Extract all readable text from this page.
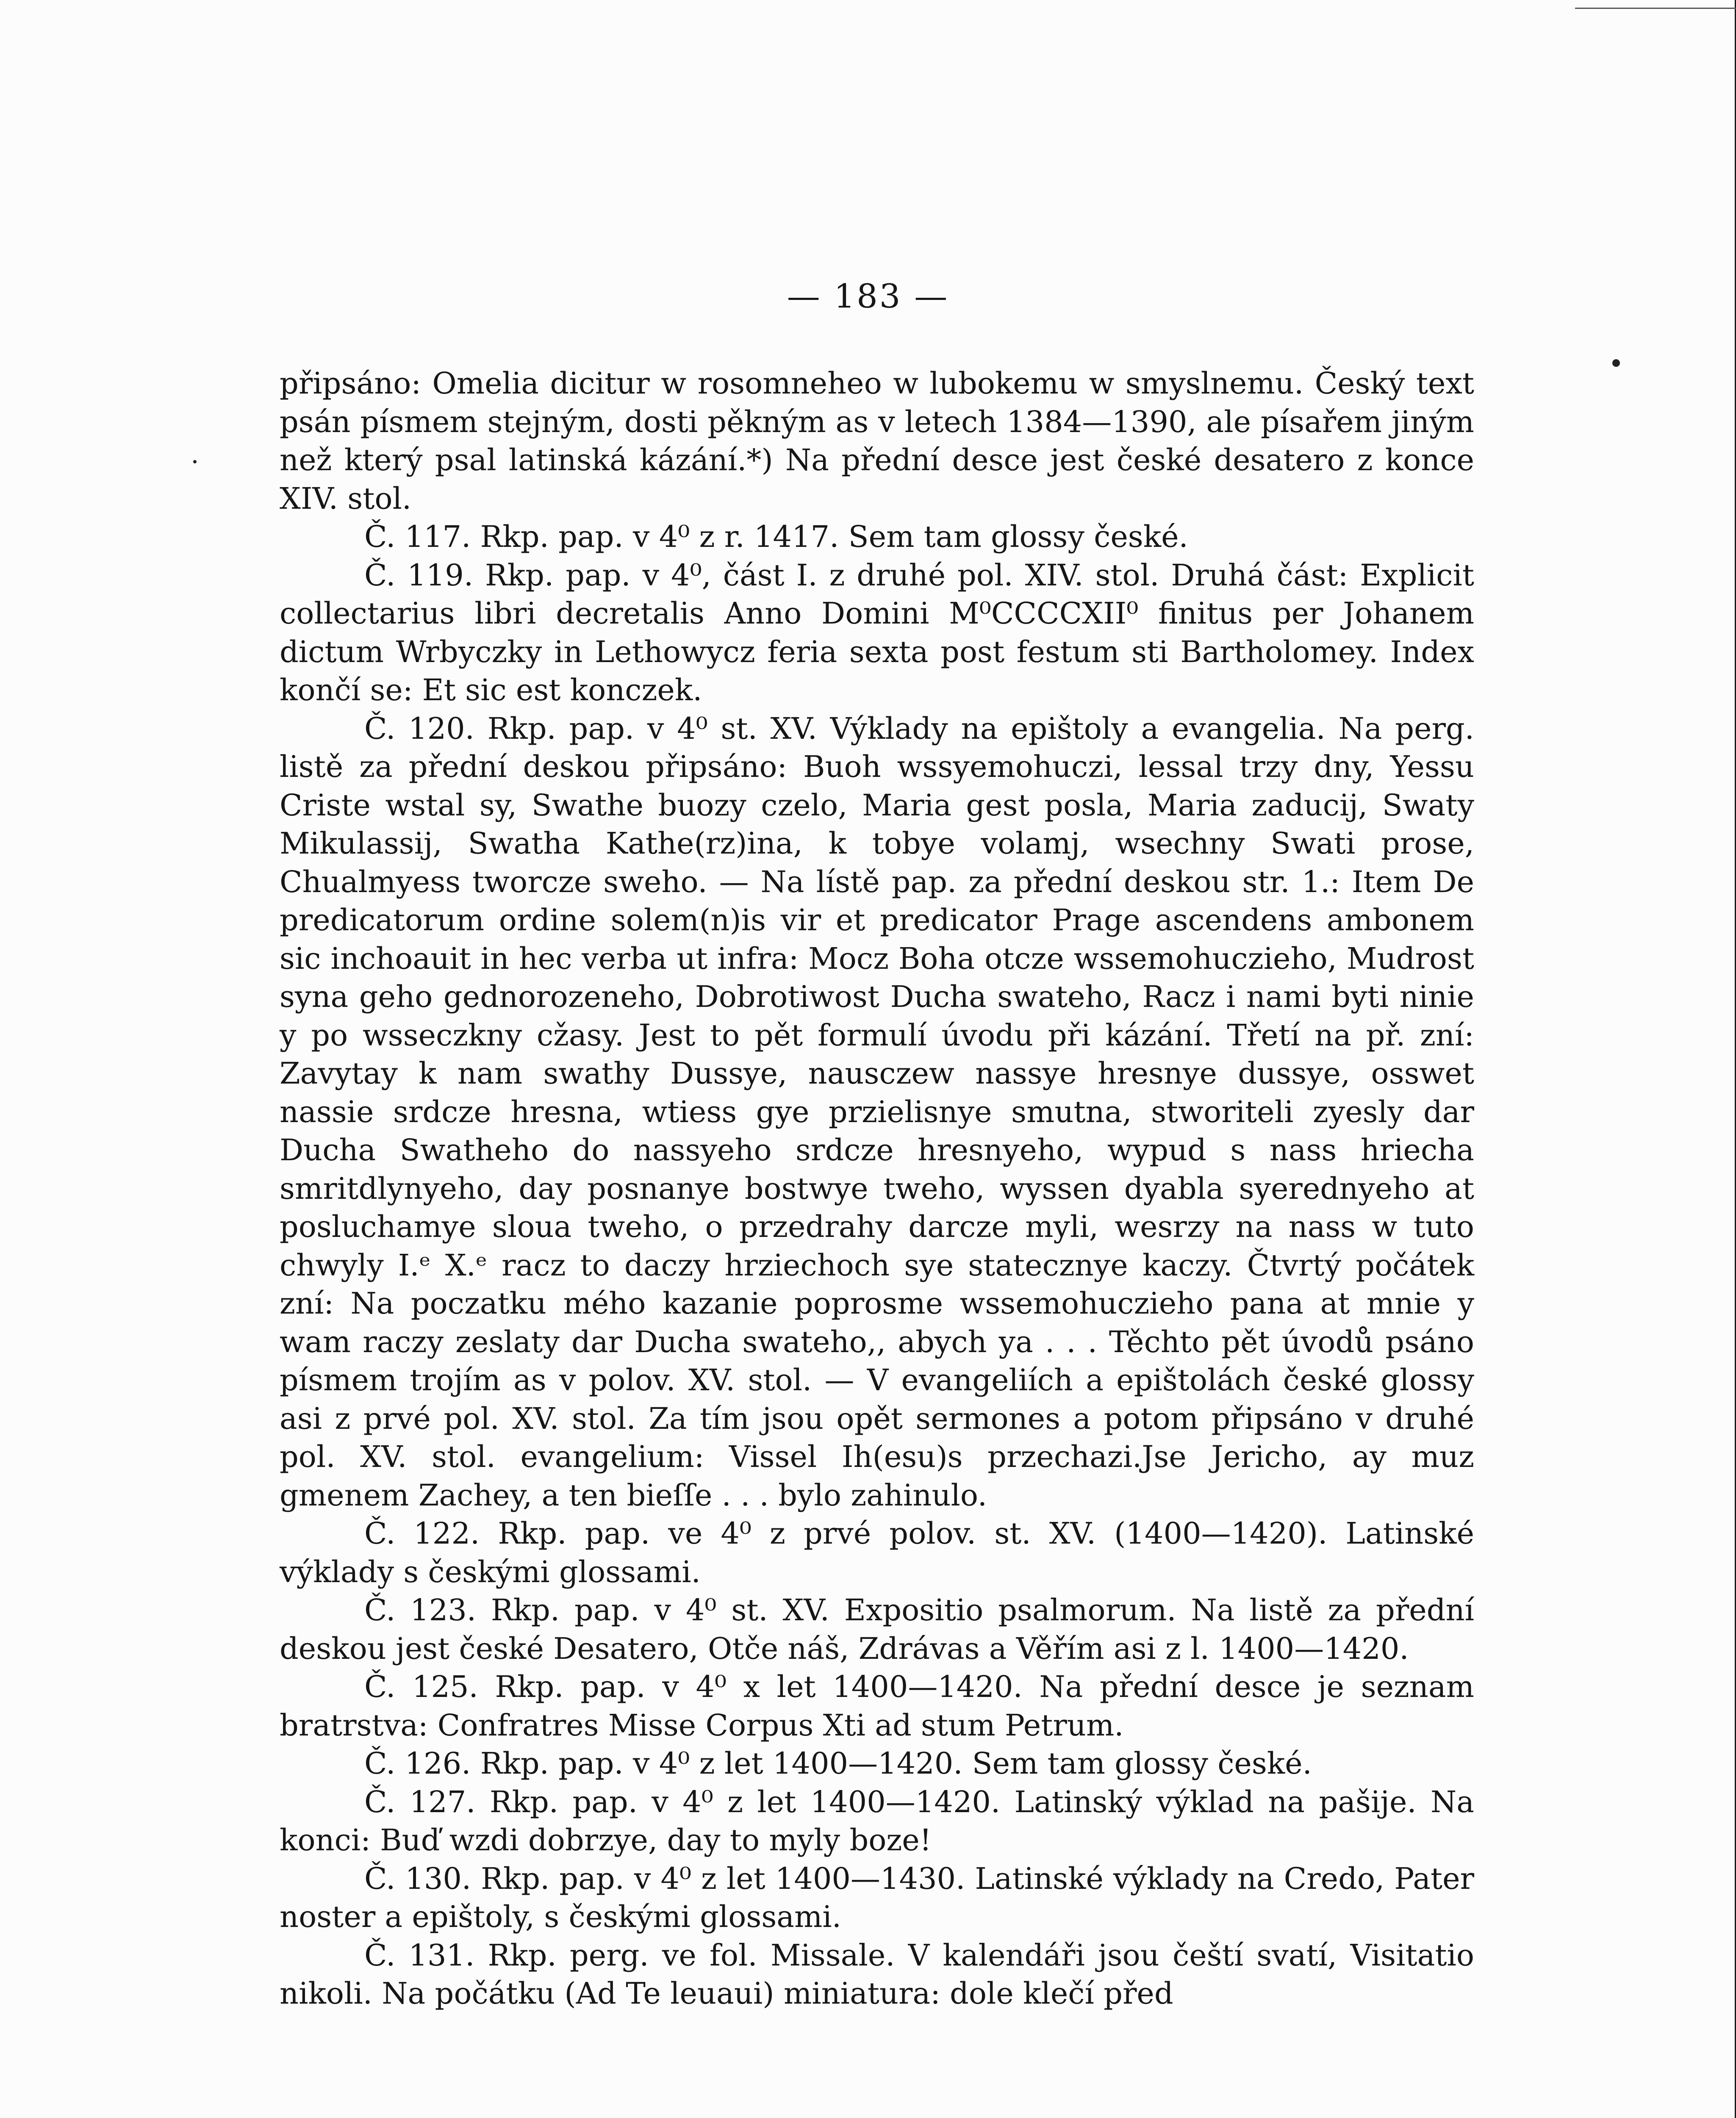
— 183 —

připsáno: Omelia dicitur w rosomneheo w lubokemu w smyslnemu. Český text psán písmem stejným, dosti pěkným as v letech 1384—1390, ale písařem jiným než který psal latinská kázání.*) Na přední desce jest české desatero z konce XIV. stol.

Č. 117. Rkp. pap. v 4⁰ z r. 1417. Sem tam glossy české.

Č. 119. Rkp. pap. v 4⁰, část I. z druhé pol. XIV. stol. Druhá část: Explicit collectarius libri decretalis Anno Domini M⁰CCCCXII⁰ finitus per Johanem dictum Wrbyczky in Lethowycz feria sexta post festum sti Bartholomey. Index končí se: Et sic est konczek.

Č. 120. Rkp. pap. v 4⁰ st. XV. Výklady na epištoly a evangelia. Na perg. listě za přední deskou připsáno: Buoh wssyemohuczi, lessal trzy dny, Yessu Criste wstal sy, Swathe buozy czelo, Maria gest posla, Maria zaducij, Swaty Mikulassij, Swatha Kathe(rz)ina, k tobye volamj, wsechny Swati prose, Chualmyess tworcze sweho. — Na lístě pap. za přední deskou str. 1.: Item De predicatorum ordine solem(n)is vir et predicator Prage ascendens ambonem sic inchoauit in hec verba ut infra: Mocz Boha otcze wssemohuczieho, Mudrost syna geho gednorozeneho, Dobrotiwost Ducha swateho, Racz i nami byti ninie y po wsseczkny cžasy. Jest to pět formulí úvodu při kázání. Třetí na př. zní: Zavytay k nam swathy Dussye, nausczew nassye hresnye dussye, osswet nassie srdcze hresna, wtiess gye przielisnye smutna, stworiteli zyesly dar Ducha Swatheho do nassyeho srdcze hresnyeho, wypud s nass hriecha smritdlynyeho, day posnanye bostwye tweho, wyssen dyabla syerednyeho at posluchamye sloua tweho, o przedrahy darcze myli, wesrzy na nass w tuto chwyly I.ᵉ X.ᵉ racz to daczy hrziechoch sye statecznye kaczy. Čtvrtý počátek zní: Na poczatku mého kazanie poprosme wssemohuczieho pana at mnie y wam raczy zeslaty dar Ducha swateho,, abych ya . . . Těchto pět úvodů psáno písmem trojím as v polov. XV. stol. — V evangeliích a epištolách české glossy asi z prvé pol. XV. stol. Za tím jsou opět sermones a potom připsáno v druhé pol. XV. stol. evangelium: Vissel Ih(esu)s przechazi.Jse Jericho, ay muz gmenem Zachey, a ten bieſſe . . . bylo zahinulo.

Č. 122. Rkp. pap. ve 4⁰ z prvé polov. st. XV. (1400—1420). Latinské výklady s českými glossami.

Č. 123. Rkp. pap. v 4⁰ st. XV. Expositio psalmorum. Na listě za přední deskou jest české Desatero, Otče náš, Zdrávas a Věřím asi z l. 1400—1420.

Č. 125. Rkp. pap. v 4⁰ x let 1400—1420. Na přední desce je seznam bratrstva: Confratres Misse Corpus Xti ad stum Petrum.

Č. 126. Rkp. pap. v 4⁰ z let 1400—1420. Sem tam glossy české.

Č. 127. Rkp. pap. v 4⁰ z let 1400—1420. Latinský výklad na pašije. Na konci: Buď wzdi dobrzye, day to myly boze!

Č. 130. Rkp. pap. v 4⁰ z let 1400—1430. Latinské výklady na Credo, Pater noster a epištoly, s českými glossami.

Č. 131. Rkp. perg. ve fol. Missale. V kalendáři jsou čeští svatí, Visitatio nikoli. Na počátku (Ad Te leuaui) miniatura: dole klečí před
